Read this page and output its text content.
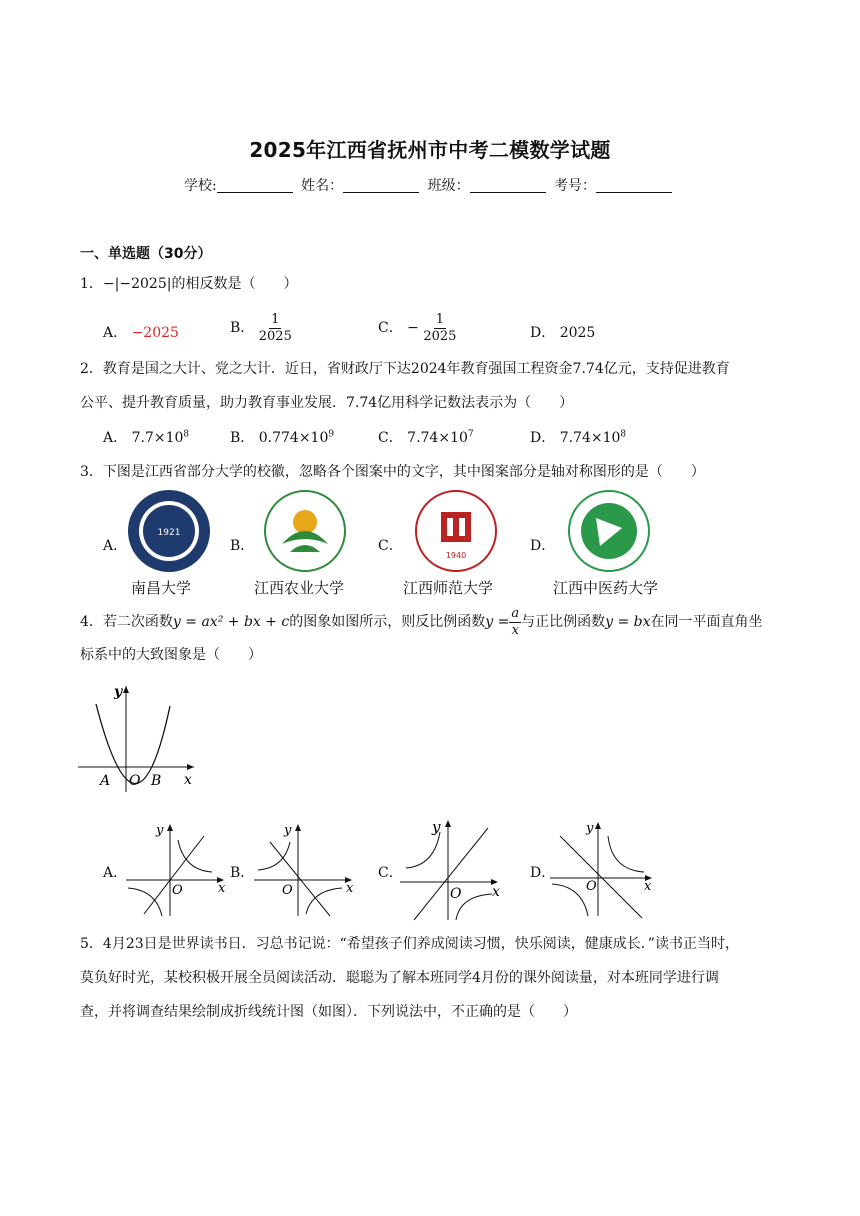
2025年江西省抚州市中考二模数学试题
学校:	姓名：	班级：	考号：
一、单选题（30分）
1．−|−2025|的相反数是（　　）
A． −2025	B． $\frac{1}{2025}$	C． − $\frac{1}{2025}$	D． 2025
2．教育是国之大计、党之大计．近日，省财政厅下达2024年教育强国工程资金7.74亿元，支持促进教育
公平、提升教育质量，助力教育事业发展．7.74亿用科学记数法表示为（　　）
A． $7.7\times 10^8$	B． $0.774\times 10^9$	C． $7.74\times 10^7$	D． $7.74\times 10^8$
3．下图是江西省部分大学的校徽，忽略各个图案中的文字，其中图案部分是轴对称图形的是（　　）
A．
1921
南昌大学
B．
江西农业大学
C．
1940
江西师范大学
D．
江西中医药大学
4．若二次函数y = ax² + bx + c的图象如图所示，则反比例函数$y = \frac{a}{x}$ 与正比例函数y = bx在同一平面直角坐
标系中的大致图象是（　　）
y
x
A O B
A．
y
x
O
B．
y
x
O
C．
y
x
O
D．
y
x
O
5．4月23日是世界读书日．习总书记说：“希望孩子们养成阅读习惯，快乐阅读，健康成长．”读书正当时，
莫负好时光，某校积极开展全员阅读活动．聪聪为了解本班同学4月份的课外阅读量，对本班同学进行调
查，并将调查结果绘制成折线统计图（如图）．下列说法中，不正确的是（　　）
